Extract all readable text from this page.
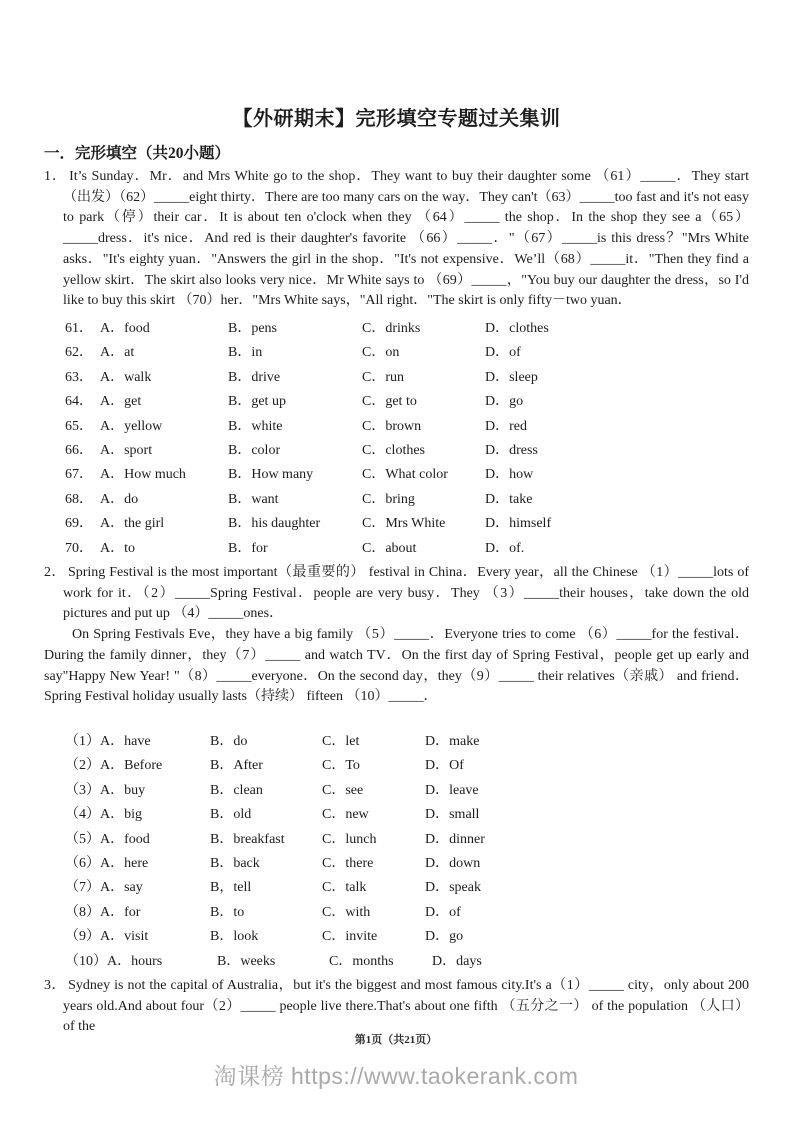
【外研期末】完形填空专题过关集训
一．完形填空（共20小题）

1． It’s Sunday．Mr．and Mrs White go to the shop．They want to buy their daughter some （61）_____．They start （出发）（62）_____eight thirty．There are too many cars on the way．They can't（63）_____too fast and it's not easy to park（停）their car．It is about ten o'clock when they （64）_____ the shop．In the shop they see a（65）_____dress．it's nice．And red is their daughter's favorite （66）_____．"（67）_____is this dress？"Mrs White asks．"It's eighty yuan．"Answers the girl in the shop．"It's not expensive．We’ll（68）_____it．"Then they find a yellow skirt．The skirt also looks very nice．Mr White says to （69）_____，"You buy our daughter the dress，so I'd like to buy this skirt （70）her．"Mrs White says，"All right．"The skirt is only fifty－two yuan．

61． A．food	B．pens	C．drinks	D．clothes
62． A．at	B．in	C．on	D．of
63． A．walk	B．drive	C．run	D．sleep
64． A．get	B．get up	C．get to	D．go
65． A．yellow	B．white	C．brown	D．red
66． A．sport	B．color	C．clothes	D．dress
67． A．How much	B．How many	C．What color	D．how
68． A．do	B．want	C．bring	D．take
69． A．the girl	B．his daughter	C．Mrs White	D．himself
70． A．to	B．for	C．about	D．of.

2． Spring Festival is the most important（最重要的） festival in China．Every year，all the Chinese （1）_____lots of work for it．（2）_____Spring Festival．people are very busy．They （3）_____their houses，take down the old pictures and put up （4）_____ones．

On Spring Festivals Eve，they have a big family （5）_____．Everyone tries to come （6）_____for the festival．During the family dinner，they（7）_____ and watch TV．On the first day of Spring Festival，people get up early and say"Happy New Year! "（8）_____everyone．On the second day，they（9）_____ their relatives（亲戚） and friend．Spring Festival holiday usually lasts（持续） fifteen （10）_____．

（1）A．have	B．do	C．let	D．make
（2）A．Before	B．After	C．To	D．Of
（3）A．buy	B．clean	C．see	D．leave
（4）A．big	B．old	C．new	D．small
（5）A．food	B．breakfast	C．lunch	D．dinner
（6）A．here	B．back	C．there	D．down
（7）A．say	B，tell	C．talk	D．speak
（8）A．for	B．to	C．with	D．of
（9）A．visit	B．look	C．invite	D．go
（10）A．hours	B．weeks	C．months	D．days

3． Sydney is not the capital of Australia，but it's the biggest and most famous city.It's a（1）_____ city，only about 200 years old.And about four（2）_____ people live there.That's about one fifth （五分之一） of the population （人口） of the

第1页（共21页）
淘课榜 https://www.taokerank.com
